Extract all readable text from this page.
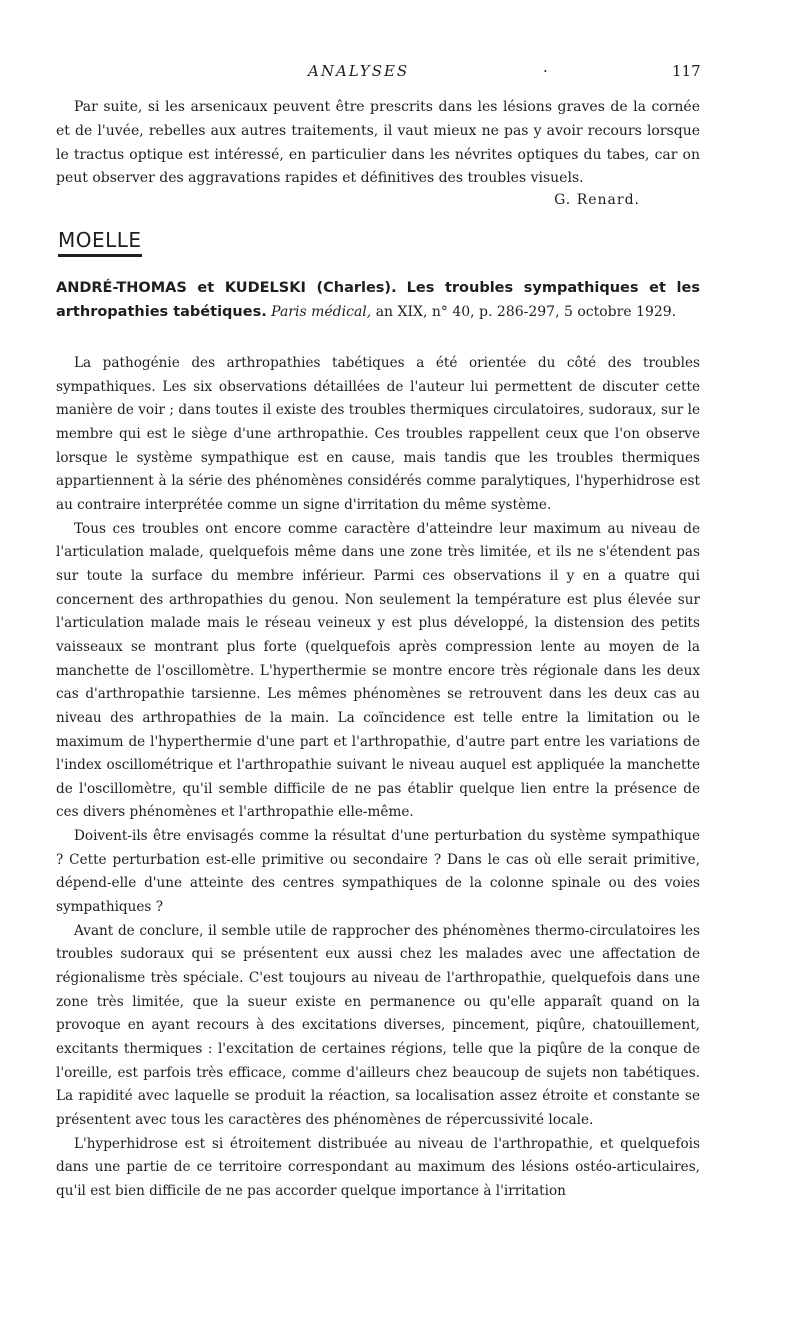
ANALYSES	·	117

Par suite, si les arsenicaux peuvent être prescrits dans les lésions graves de la cornée et de l'uvée, rebelles aux autres traitements, il vaut mieux ne pas y avoir recours lorsque le tractus optique est intéressé, en particulier dans les névrites optiques du tabes, car on peut observer des aggravations rapides et définitives des troubles visuels.

G. Renard.
MOELLE
ANDRÉ-THOMAS et KUDELSKI (Charles). Les troubles sympathiques et les arthropathies tabétiques. Paris médical, an XIX, n° 40, p. 286-297, 5 octobre 1929.

La pathogénie des arthropathies tabétiques a été orientée du côté des troubles sympathiques. Les six observations détaillées de l'auteur lui permettent de discuter cette manière de voir ; dans toutes il existe des troubles thermiques circulatoires, sudoraux, sur le membre qui est le siège d'une arthropathie. Ces troubles rappellent ceux que l'on observe lorsque le système sympathique est en cause, mais tandis que les troubles thermiques appartiennent à la série des phénomènes considérés comme paralytiques, l'hyperhidrose est au contraire interprétée comme un signe d'irritation du même système.

Tous ces troubles ont encore comme caractère d'atteindre leur maximum au niveau de l'articulation malade, quelquefois même dans une zone très limitée, et ils ne s'étendent pas sur toute la surface du membre inférieur. Parmi ces observations il y en a quatre qui concernent des arthropathies du genou. Non seulement la température est plus élevée sur l'articulation malade mais le réseau veineux y est plus développé, la distension des petits vaisseaux se montrant plus forte (quelquefois après compression lente au moyen de la manchette de l'oscillomètre. L'hyperthermie se montre encore très régionale dans les deux cas d'arthropathie tarsienne. Les mêmes phénomènes se retrouvent dans les deux cas au niveau des arthropathies de la main. La coïncidence est telle entre la limitation ou le maximum de l'hyperthermie d'une part et l'arthropathie, d'autre part entre les variations de l'index oscillométrique et l'arthropathie suivant le niveau auquel est appliquée la manchette de l'oscillomètre, qu'il semble difficile de ne pas établir quelque lien entre la présence de ces divers phénomènes et l'arthropathie elle-même.

Doivent-ils être envisagés comme la résultat d'une perturbation du système sympathique ? Cette perturbation est-elle primitive ou secondaire ? Dans le cas où elle serait primitive, dépend-elle d'une atteinte des centres sympathiques de la colonne spinale ou des voies sympathiques ?

Avant de conclure, il semble utile de rapprocher des phénomènes thermo-circulatoires les troubles sudoraux qui se présentent eux aussi chez les malades avec une affectation de régionalisme très spéciale. C'est toujours au niveau de l'arthropathie, quelquefois dans une zone très limitée, que la sueur existe en permanence ou qu'elle apparaît quand on la provoque en ayant recours à des excitations diverses, pincement, piqûre, chatouillement, excitants thermiques : l'excitation de certaines régions, telle que la piqûre de la conque de l'oreille, est parfois très efficace, comme d'ailleurs chez beaucoup de sujets non tabétiques. La rapidité avec laquelle se produit la réaction, sa localisation assez étroite et constante se présentent avec tous les caractères des phénomènes de répercussivité locale.

L'hyperhidrose est si étroitement distribuée au niveau de l'arthropathie, et quelquefois dans une partie de ce territoire correspondant au maximum des lésions ostéo-articulaires, qu'il est bien difficile de ne pas accorder quelque importance à l'irritation
